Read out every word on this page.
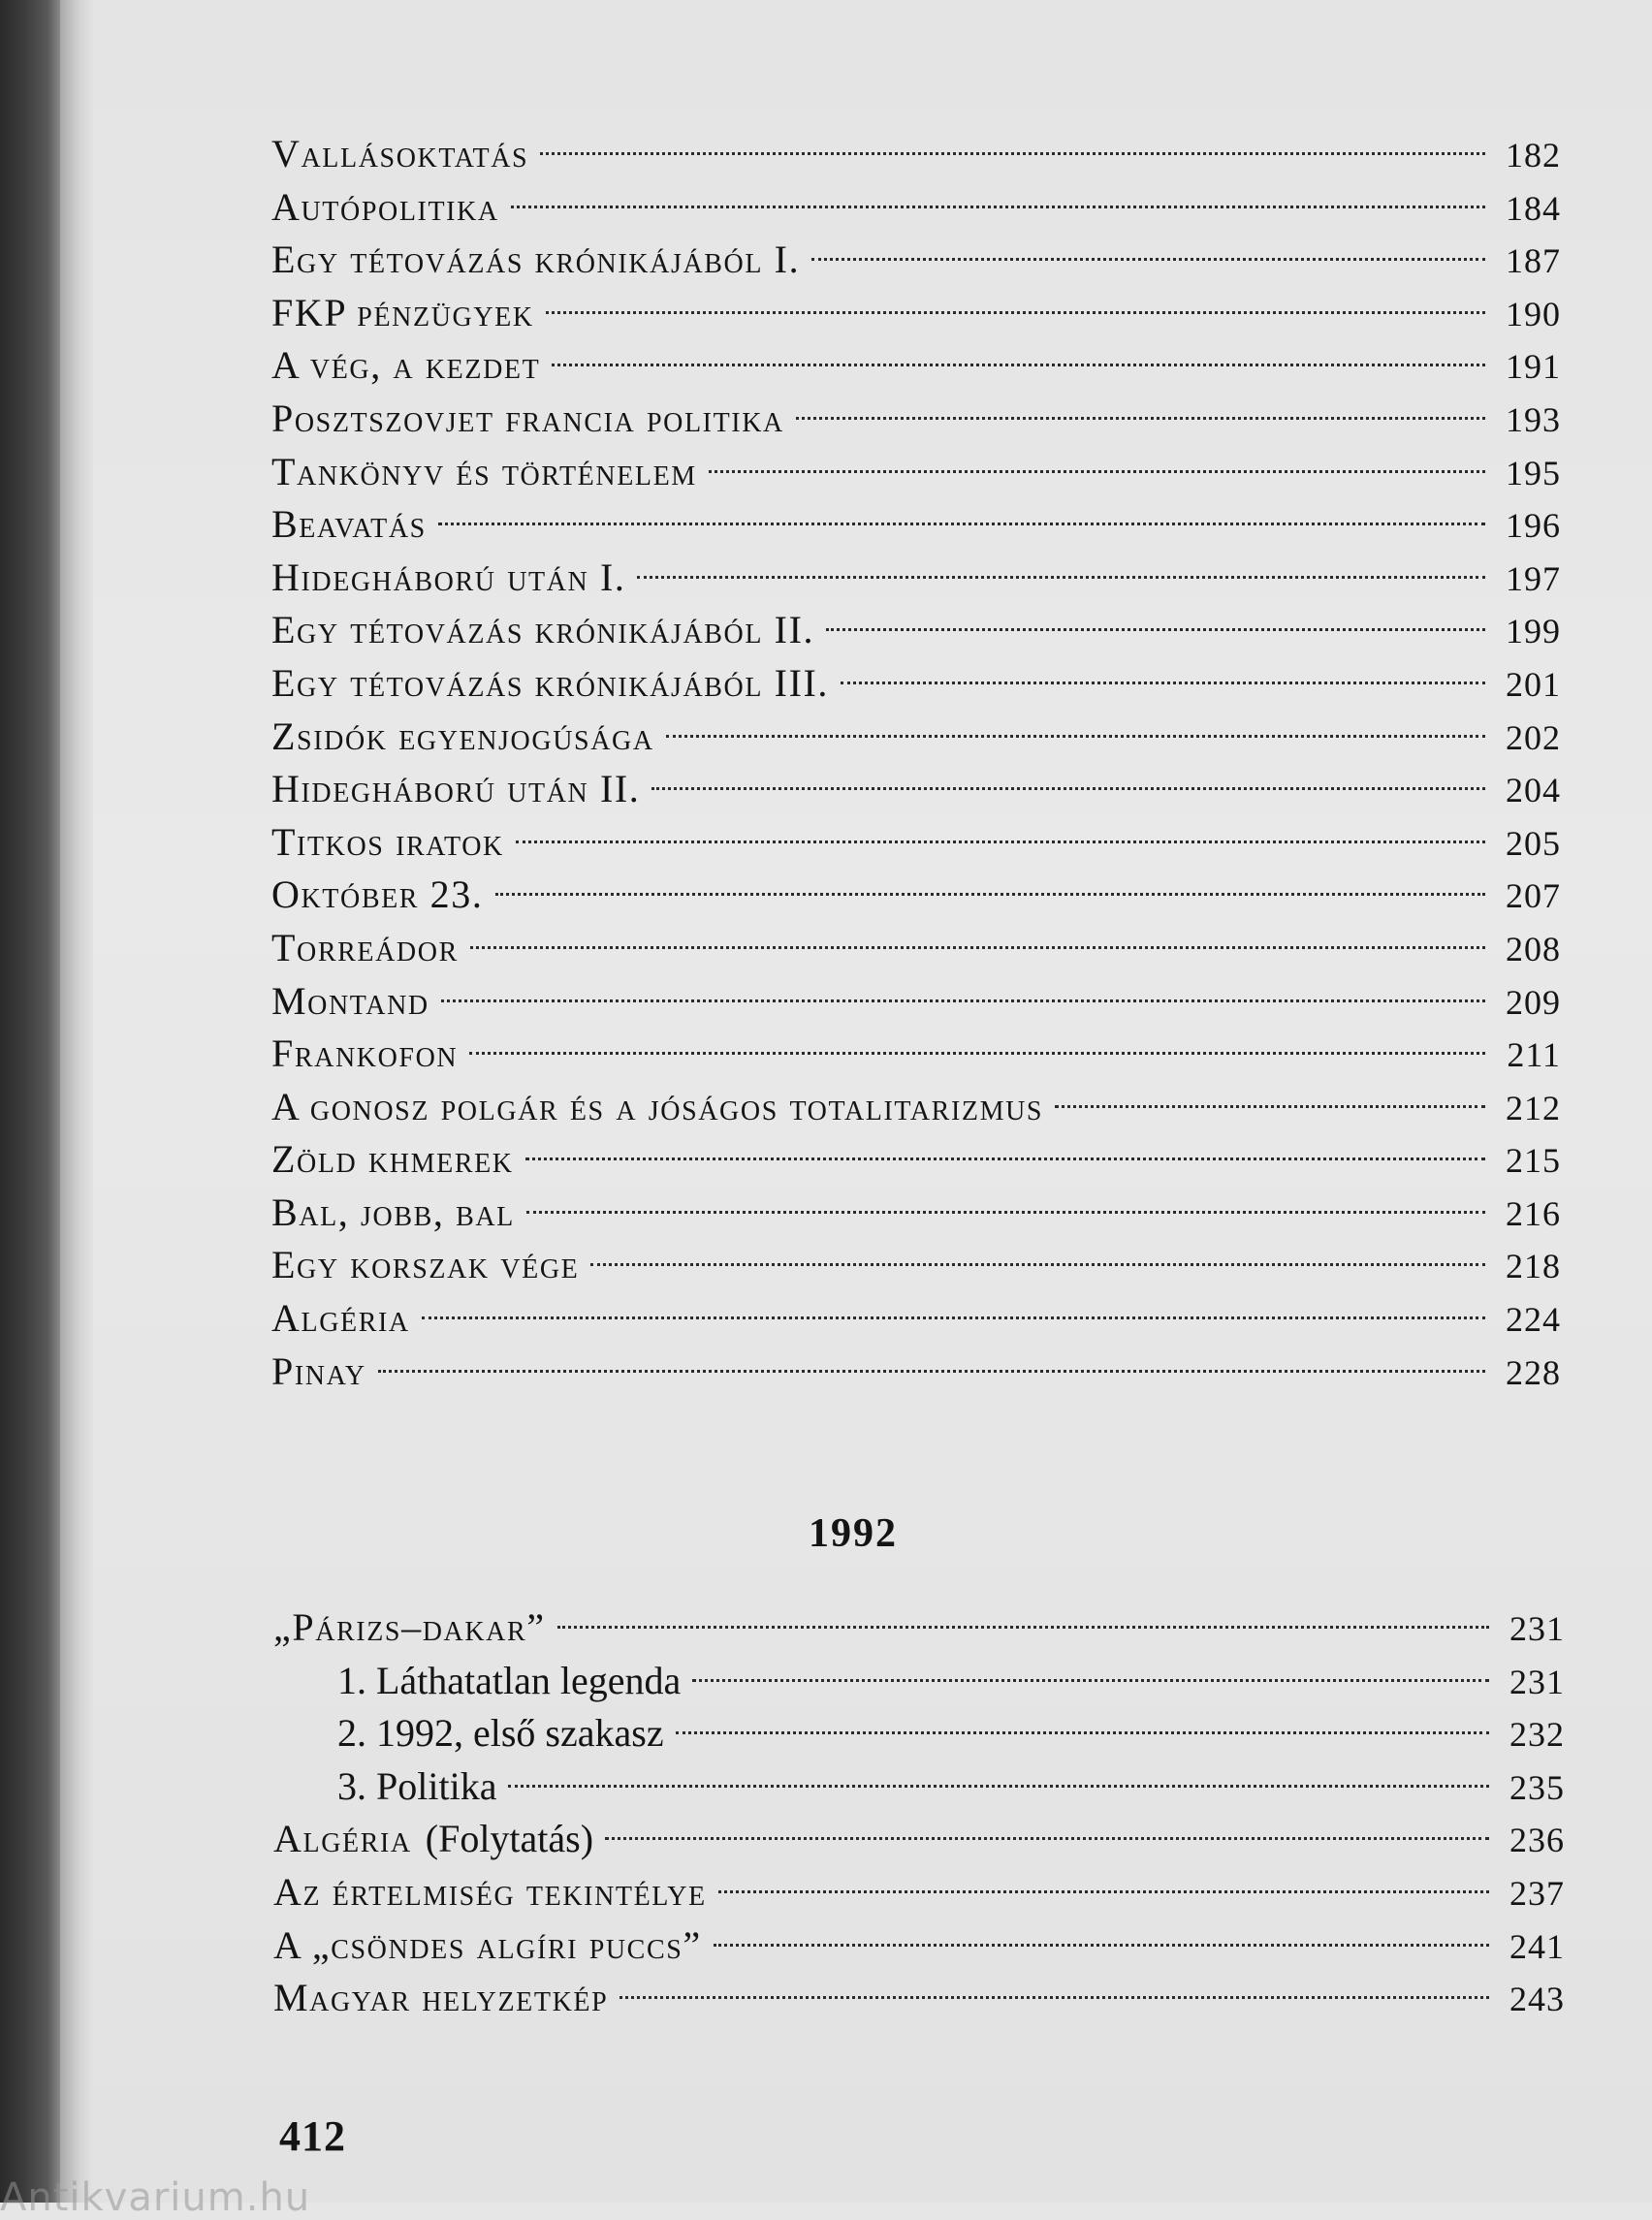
Vallásoktatás	182
Autópolitika	184
Egy tétovázás krónikájából I.	187
FKP pénzügyek	190
A vég, a kezdet	191
Posztszovjet francia politika	193
Tankönyv és történelem	195
Beavatás	196
Hidegháború után I.	197
Egy tétovázás krónikájából II.	199
Egy tétovázás krónikájából III.	201
Zsidók egyenjogúsága	202
Hidegháború után II.	204
Titkos iratok	205
Október 23.	207
Torreádor	208
Montand	209
Frankofon	211
A gonosz polgár és a jóságos totalitarizmus	212
Zöld khmerek	215
Bal, jobb, bal	216
Egy korszak vége	218
Algéria	224
Pinay	228
1992
„Párizs–dakar”	231
1. Láthatatlan legenda	231
2. 1992, első szakasz	232
3. Politika	235
Algéria (Folytatás)	236
Az értelmiség tekintélye	237
A „csöndes algíri puccs”	241
Magyar helyzetkép	243
412
Antikvarium.hu
